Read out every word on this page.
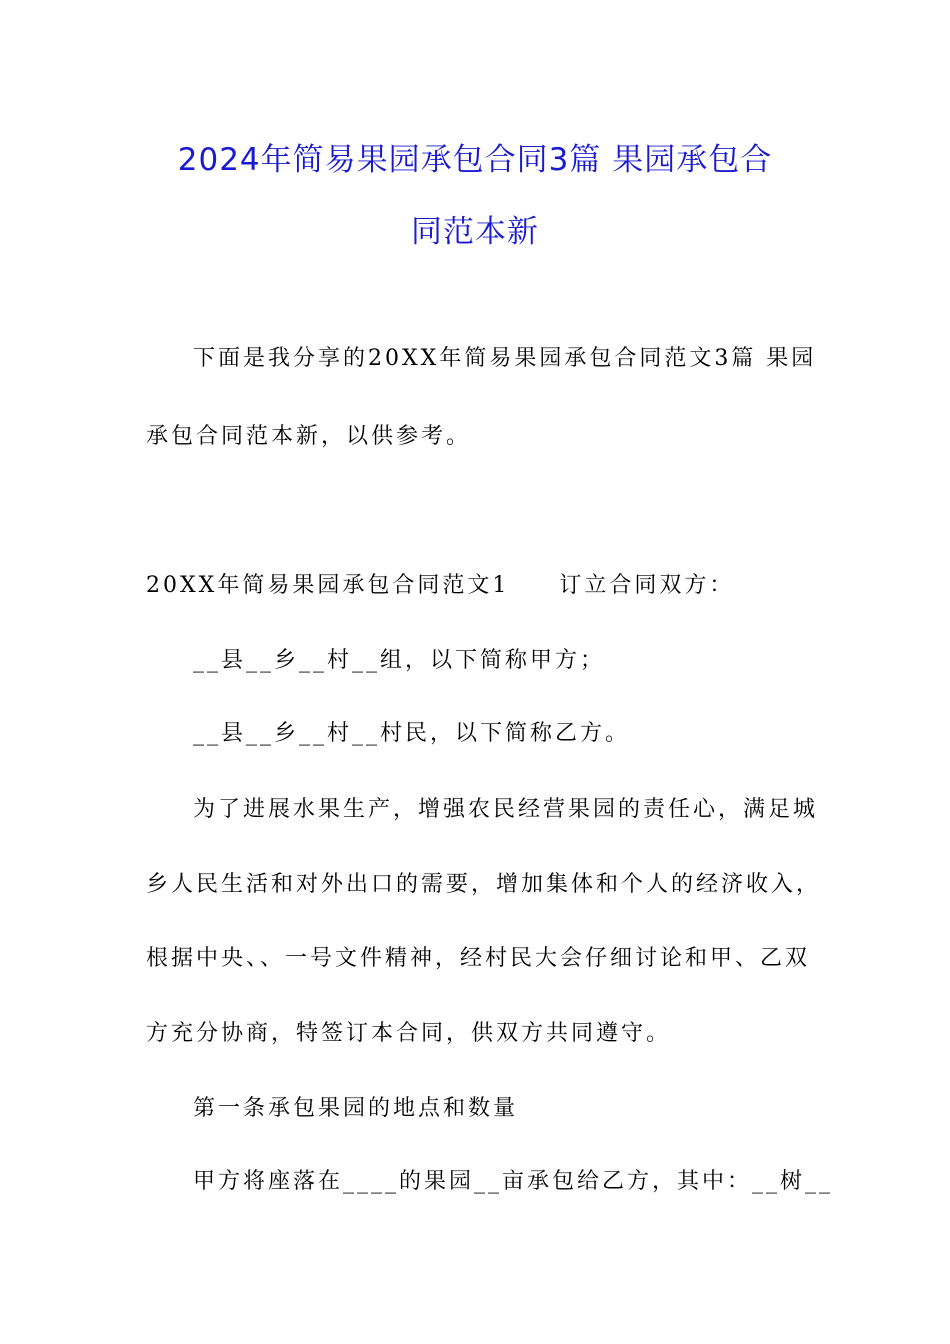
2024年简易果园承包合同3篇 果园承包合
同范本新
下面是我分享的20XX年简易果园承包合同范文3篇 果园
承包合同范本新，以供参考。
20XX年简易果园承包合同范文1　　订立合同双方：
__县__乡__村__组，以下简称甲方；
__县__乡__村__村民，以下简称乙方。
为了进展水果生产，增强农民经营果园的责任心，满足城
乡人民生活和对外出口的需要，增加集体和个人的经济收入，
根据中央、、一号文件精神，经村民大会仔细讨论和甲、乙双
方充分协商，特签订本合同，供双方共同遵守。
第一条承包果园的地点和数量
甲方将座落在____的果园__亩承包给乙方，其中：__树__
